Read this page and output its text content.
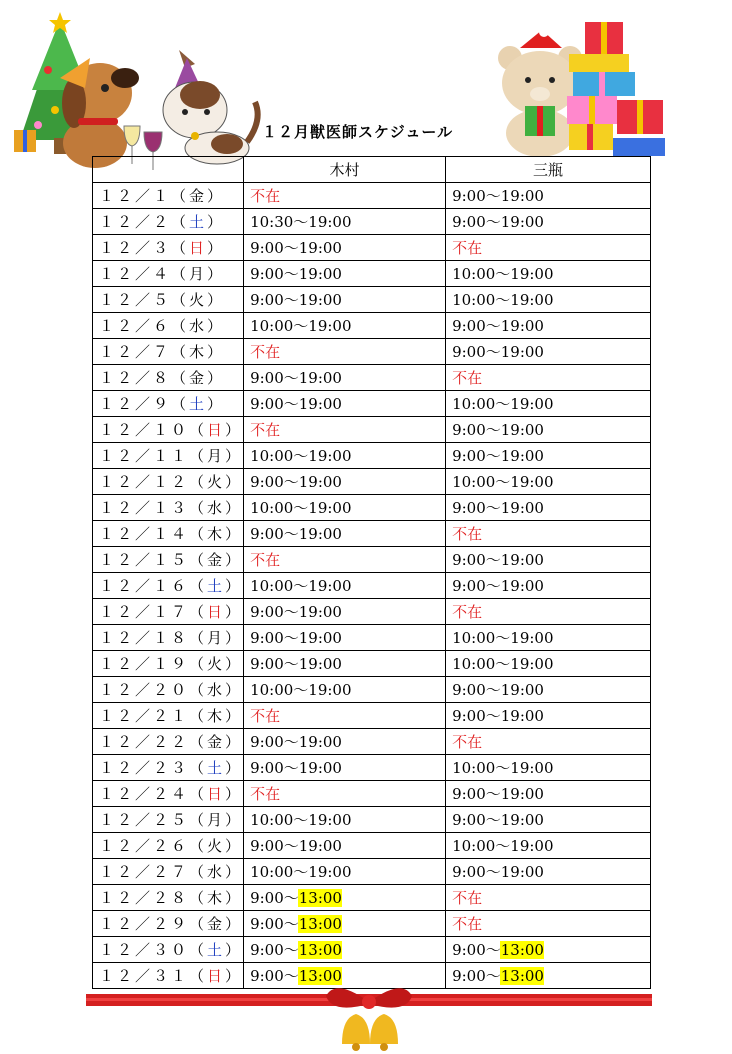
１２月獣医師スケジュール
	木村	三瓶
１２／１（金）	不在	9:00〜19:00
１２／２（土）	10:30〜19:00	9:00〜19:00
１２／３（日）	9:00〜19:00	不在
１２／４（月）	9:00〜19:00	10:00〜19:00
１２／５（火）	9:00〜19:00	10:00〜19:00
１２／６（水）	10:00〜19:00	9:00〜19:00
１２／７（木）	不在	9:00〜19:00
１２／８（金）	9:00〜19:00	不在
１２／９（土）	9:00〜19:00	10:00〜19:00
１２／１０（日）	不在	9:00〜19:00
１２／１１（月）	10:00〜19:00	9:00〜19:00
１２／１２（火）	9:00〜19:00	10:00〜19:00
１２／１３（水）	10:00〜19:00	9:00〜19:00
１２／１４（木）	9:00〜19:00	不在
１２／１５（金）	不在	9:00〜19:00
１２／１６（土）	10:00〜19:00	9:00〜19:00
１２／１７（日）	9:00〜19:00	不在
１２／１８（月）	9:00〜19:00	10:00〜19:00
１２／１９（火）	9:00〜19:00	10:00〜19:00
１２／２０（水）	10:00〜19:00	9:00〜19:00
１２／２１（木）	不在	9:00〜19:00
１２／２２（金）	9:00〜19:00	不在
１２／２３（土）	9:00〜19:00	10:00〜19:00
１２／２４（日）	不在	9:00〜19:00
１２／２５（月）	10:00〜19:00	9:00〜19:00
１２／２６（火）	9:00〜19:00	10:00〜19:00
１２／２７（水）	10:00〜19:00	9:00〜19:00
１２／２８（木）	9:00〜13:00	不在
１２／２９（金）	9:00〜13:00	不在
１２／３０（土）	9:00〜13:00	9:00〜13:00
１２／３１（日）	9:00〜13:00	9:00〜13:00
